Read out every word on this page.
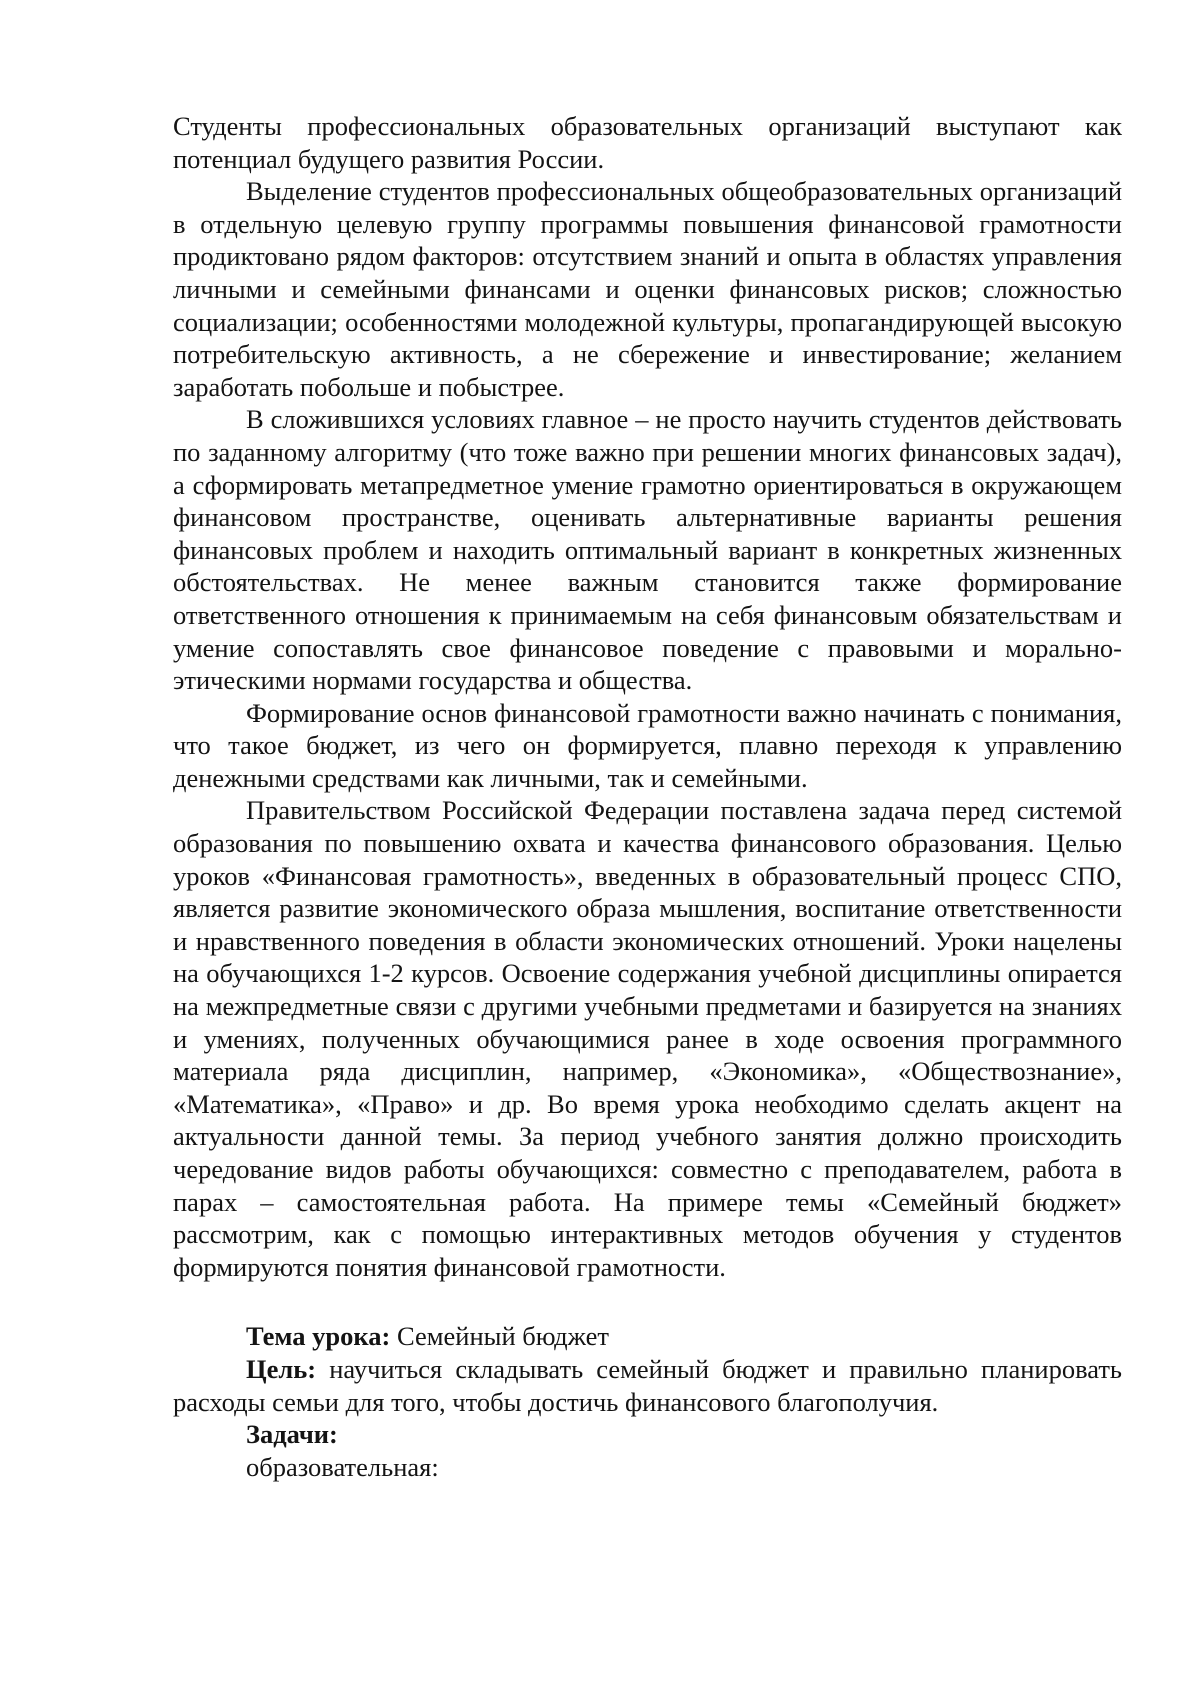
Студенты профессиональных образовательных организаций выступают как потенциал будущего развития России.

Выделение студентов профессиональных общеобразовательных организаций в отдельную целевую группу программы повышения финансовой грамотности продиктовано рядом факторов: отсутствием знаний и опыта в областях управления личными и семейными финансами и оценки финансовых рисков; сложностью социализации; особенностями молодежной культуры, пропагандирующей высокую потребительскую активность, а не сбережение и инвестирование; желанием заработать побольше и побыстрее.

В сложившихся условиях главное – не просто научить студентов действовать по заданному алгоритму (что тоже важно при решении многих финансовых задач), а сформировать метапредметное умение грамотно ориентироваться в окружающем финансовом пространстве, оценивать альтернативные варианты решения финансовых проблем и находить оптимальный вариант в конкретных жизненных обстоятельствах. Не менее важным становится также формирование ответственного отношения к принимаемым на себя финансовым обязательствам и умение сопоставлять свое финансовое поведение с правовыми и морально-этическими нормами государства и общества.

Формирование основ финансовой грамотности важно начинать с понимания, что такое бюджет, из чего он формируется, плавно переходя к управлению денежными средствами как личными, так и семейными.

Правительством Российской Федерации поставлена задача перед системой образования по повышению охвата и качества финансового образования. Целью уроков «Финансовая грамотность», введенных в образовательный процесс СПО, является развитие экономического образа мышления, воспитание ответственности и нравственного поведения в области экономических отношений. Уроки нацелены на обучающихся 1-2 курсов. Освоение содержания учебной дисциплины опирается на межпредметные связи с другими учебными предметами и базируется на знаниях и умениях, полученных обучающимися ранее в ходе освоения программного материала ряда дисциплин, например, «Экономика», «Обществознание», «Математика», «Право» и др. Во время урока необходимо сделать акцент на актуальности данной темы. За период учебного занятия должно происходить чередование видов работы обучающихся: совместно с преподавателем, работа в парах – самостоятельная работа. На примере темы «Семейный бюджет» рассмотрим, как с помощью интерактивных методов обучения у студентов формируются понятия финансовой грамотности.

Тема урока: Семейный бюджет

Цель: научиться складывать семейный бюджет и правильно планировать расходы семьи для того, чтобы достичь финансового благополучия.

Задачи:

образовательная:
